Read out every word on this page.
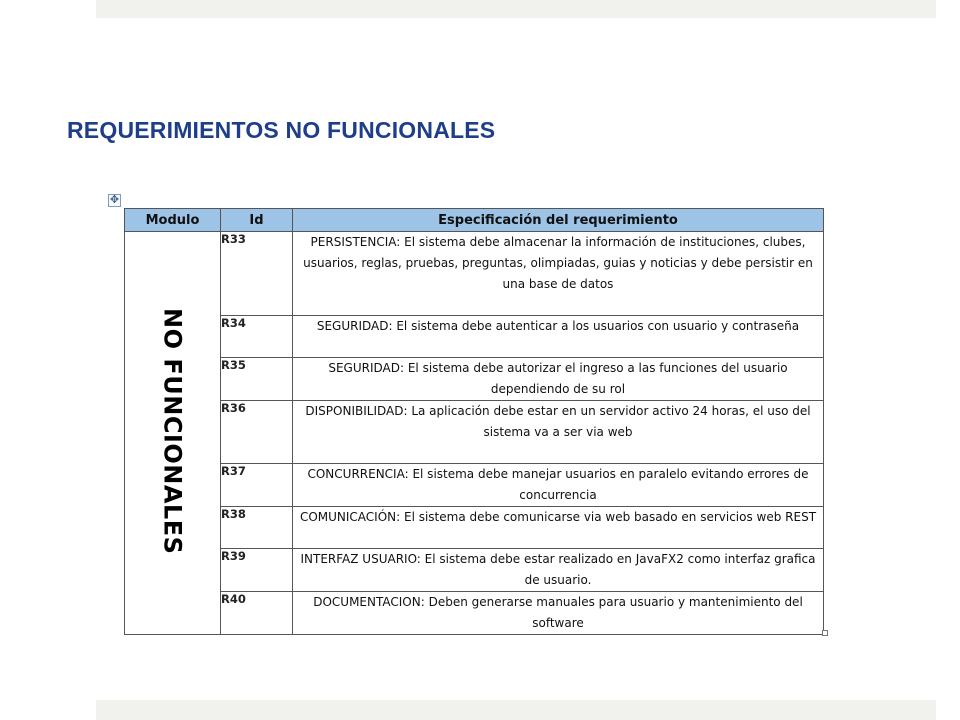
REQUERIMIENTOS NO FUNCIONALES
✥
Modulo	Id	Especificación del requerimiento
NO FUNCIONALES	R33	PERSISTENCIA: El sistema debe almacenar la información de instituciones, clubes, usuarios, reglas, pruebas, preguntas, olimpiadas, guias y noticias y debe persistir en una base de datos
	R34	SEGURIDAD: El sistema debe autenticar a los usuarios con usuario y contraseña
	R35	SEGURIDAD: El sistema debe autorizar el ingreso a las funciones del usuario dependiendo de su rol
	R36	DISPONIBILIDAD: La aplicación debe estar en un servidor activo 24 horas, el uso del sistema va a ser via web
	R37	CONCURRENCIA: El sistema debe manejar usuarios en paralelo evitando errores de concurrencia
	R38	COMUNICACIÓN: El sistema debe comunicarse via web basado en servicios web REST
	R39	INTERFAZ USUARIO: El sistema debe estar realizado en JavaFX2 como interfaz grafica de usuario.
	R40	DOCUMENTACION: Deben generarse manuales para usuario y mantenimiento del software
